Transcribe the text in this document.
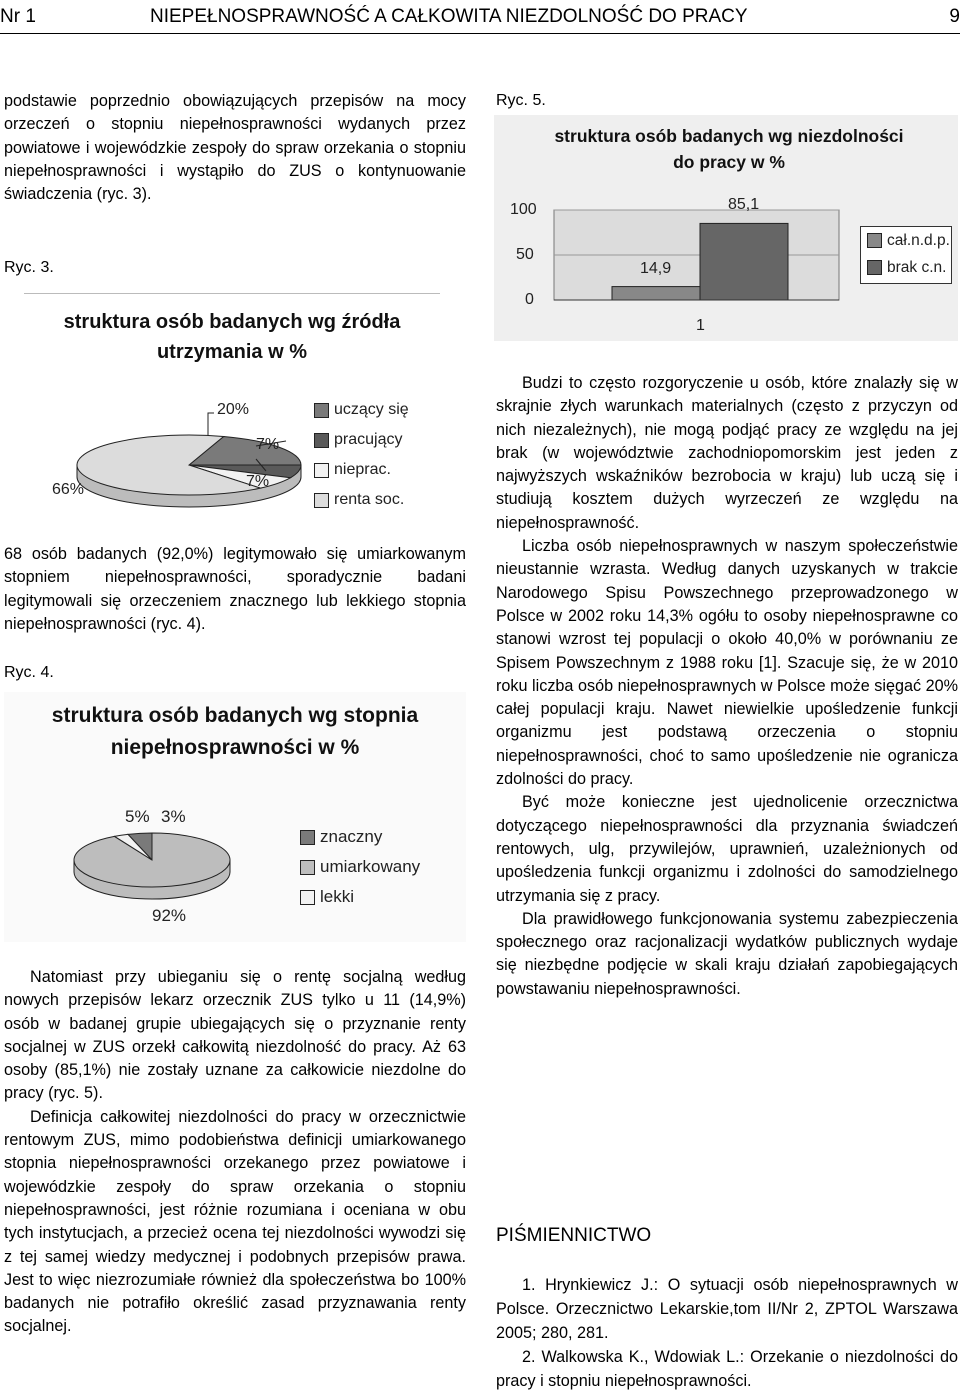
Nr 1	NIEPEŁNOSPRAWNOŚĆ A CAŁKOWITA NIEZDOLNOŚĆ DO PRACY	9

podstawie poprzednio obowiązujących przepisów na mocy orzeczeń o stopniu niepełnosprawności wydanych przez powiatowe i wojewódzkie zespoły do spraw orzekania o stopniu niepełnosprawności i wystąpiło do ZUS o kontynuowanie świadczenia (ryc. 3).

Ryc. 3.
struktura osób badanych wg źródła
utrzymania w %
20%
7%
7%
66%
uczący się
pracujący
nieprac.
renta soc.

68 osób badanych (92,0%) legitymowało się umiarkowanym stopniem niepełnosprawności, sporadycznie badani legitymowali się orzeczeniem znacznego lub lekkiego stopnia niepełnosprawności (ryc. 4).

Ryc. 4.
struktura osób badanych wg stopnia
niepełnosprawności w %
5% 3%
92%
znaczny
umiarkowany
lekki

Natomiast przy ubieganiu się o rentę socjalną według nowych przepisów lekarz orzecznik ZUS tylko u 11 (14,9%) osób w badanej grupie ubiegających się o przyznanie renty socjalnej w ZUS orzekł całkowitą niezdolność do pracy. Aż 63 osoby (85,1%) nie zostały uznane za całkowicie niezdolne do pracy (ryc. 5).

Definicja całkowitej niezdolności do pracy w orzecznictwie rentowym ZUS, mimo podobieństwa definicji umiarkowanego stopnia niepełnosprawności orzekanego przez powiatowe i wojewódzkie zespoły do spraw orzekania o stopniu niepełnosprawności, jest różnie rozumiana i oceniana w obu tych instytucjach, a przecież ocena tej niezdolności wywodzi się z tej samej wiedzy medycznej i podobnych przepisów prawa. Jest to więc niezrozumiałe również dla społeczeństwa bo 100% badanych nie potrafiło określić zasad przyznawania renty socjalnej.

Ryc. 5.
struktura osób badanych wg niezdolności
do pracy w %
100
50
0
1
14,9
85,1
cał.n.d.p.
brak c.n.

Budzi to często rozgoryczenie u osób, które znalazły się w skrajnie złych warunkach materialnych (często z przyczyn od nich niezależnych), nie mogą podjąć pracy ze względu na jej brak (w województwie zachodniopomorskim jest jeden z najwyższych wskaźników bezrobocia w kraju) lub uczą się i studiują kosztem dużych wyrzeczeń ze względu na niepełnosprawność.

Liczba osób niepełnosprawnych w naszym społeczeństwie nieustannie wzrasta. Według danych uzyskanych w trakcie Narodowego Spisu Powszechnego przeprowadzonego w Polsce w 2002 roku 14,3% ogółu to osoby niepełnosprawne co stanowi wzrost tej populacji o około 40,0% w porównaniu ze Spisem Powszechnym z 1988 roku [1]. Szacuje się, że w 2010 roku liczba osób niepełnosprawnych w Polsce może sięgać 20% całej populacji kraju. Nawet niewielkie upośledzenie funkcji organizmu jest podstawą orzeczenia o stopniu niepełnosprawności, choć to samo upośledzenie nie ogranicza zdolności do pracy.

Być może konieczne jest ujednolicenie orzecznictwa dotyczącego niepełnosprawności dla przyznania świadczeń rentowych, ulg, przywilejów, uprawnień, uzależnionych od upośledzenia funkcji organizmu i zdolności do samodzielnego utrzymania się z pracy.

Dla prawidłowego funkcjonowania systemu zabezpieczenia społecznego oraz racjonalizacji wydatków publicznych wydaje się niezbędne podjęcie w skali kraju działań zapobiegających powstawaniu niepełnosprawności.

PIŚMIENNICTWO

1. Hrynkiewicz J.: O sytuacji osób niepełnosprawnych w Polsce. Orzecznictwo Lekarskie,tom II/Nr 2, ZPTOL Warszawa 2005; 280, 281.

2. Walkowska K., Wdowiak L.: Orzekanie o niezdolności do pracy i stopniu niepełnosprawności.
